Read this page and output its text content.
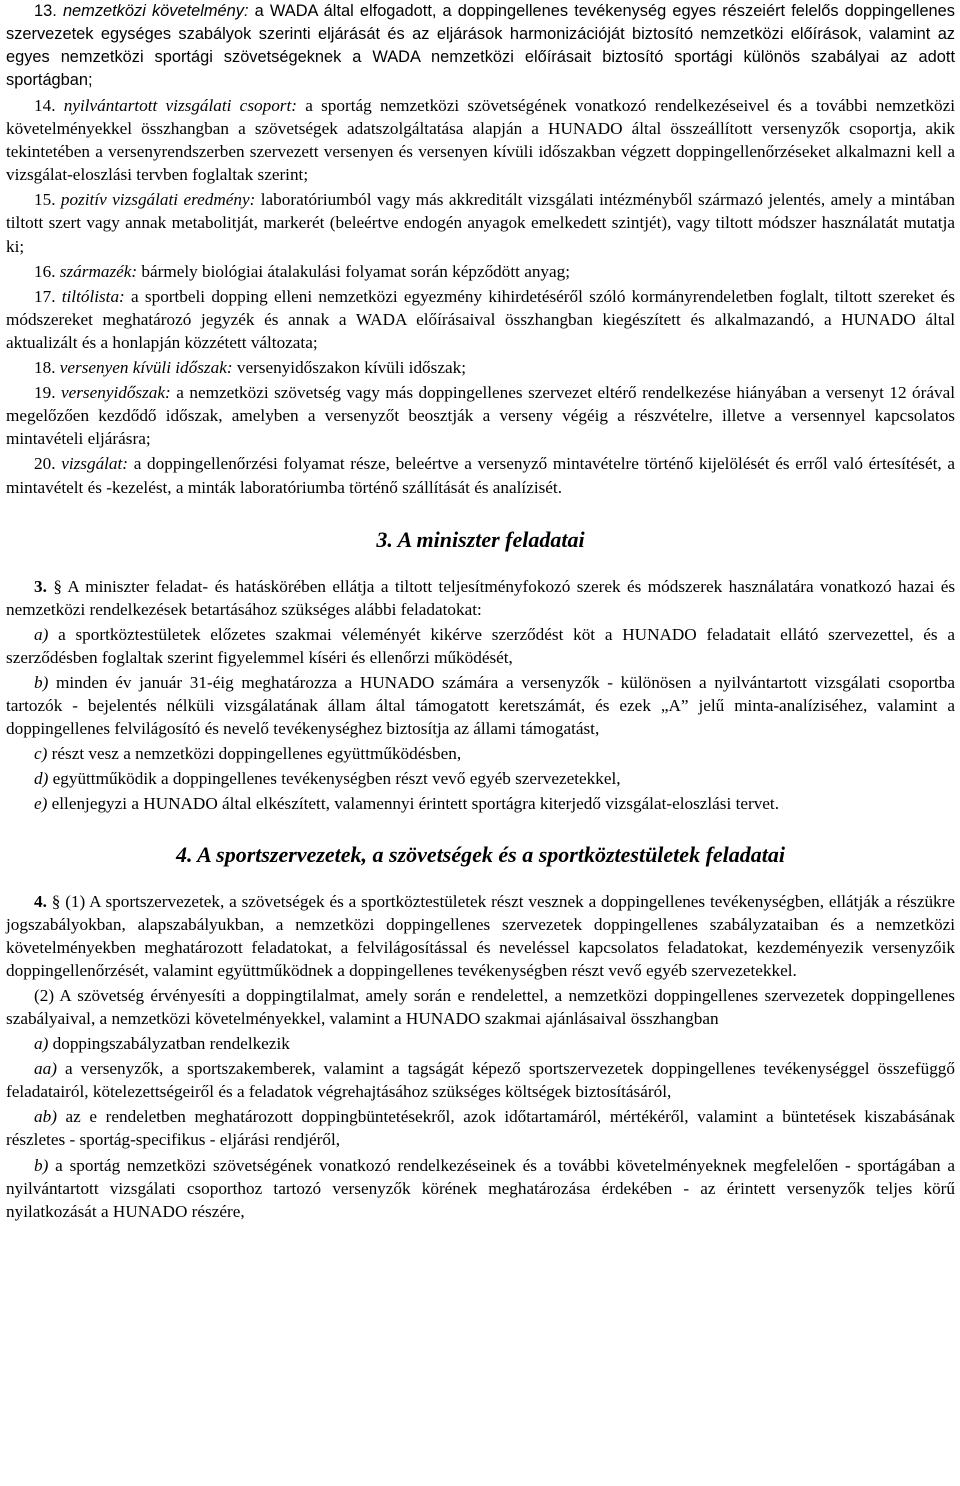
13. nemzetközi követelmény: a WADA által elfogadott, a doppingellenes tevékenység egyes részeiért felelős doppingellenes szervezetek egységes szabályok szerinti eljárását és az eljárások harmonizációját biztosító nemzetközi előírások, valamint az egyes nemzetközi sportági szövetségeknek a WADA nemzetközi előírásait biztosító sportági különös szabályai az adott sportágban;

14. nyilvántartott vizsgálati csoport: a sportág nemzetközi szövetségének vonatkozó rendelkezéseivel és a további nemzetközi követelményekkel összhangban a szövetségek adatszolgáltatása alapján a HUNADO által összeállított versenyzők csoportja, akik tekintetében a versenyrendszerben szervezett versenyen és versenyen kívüli időszakban végzett doppingellenőrzéseket alkalmazni kell a vizsgálat-eloszlási tervben foglaltak szerint;

15. pozitív vizsgálati eredmény: laboratóriumból vagy más akkreditált vizsgálati intézményből származó jelentés, amely a mintában tiltott szert vagy annak metabolitját, markerét (beleértve endogén anyagok emelkedett szintjét), vagy tiltott módszer használatát mutatja ki;

16. származék: bármely biológiai átalakulási folyamat során képződött anyag;

17. tiltólista: a sportbeli dopping elleni nemzetközi egyezmény kihirdetéséről szóló kormányrendeletben foglalt, tiltott szereket és módszereket meghatározó jegyzék és annak a WADA előírásaival összhangban kiegészített és alkalmazandó, a HUNADO által aktualizált és a honlapján közzétett változata;

18. versenyen kívüli időszak: versenyidőszakon kívüli időszak;

19. versenyidőszak: a nemzetközi szövetség vagy más doppingellenes szervezet eltérő rendelkezése hiányában a versenyt 12 órával megelőzően kezdődő időszak, amelyben a versenyzőt beosztják a verseny végéig a részvételre, illetve a versennyel kapcsolatos mintavételi eljárásra;

20. vizsgálat: a doppingellenőrzési folyamat része, beleértve a versenyző mintavételre történő kijelölését és erről való értesítését, a mintavételt és -kezelést, a minták laboratóriumba történő szállítását és analízisét.

3. A miniszter feladatai

3. § A miniszter feladat- és hatáskörében ellátja a tiltott teljesítményfokozó szerek és módszerek használatára vonatkozó hazai és nemzetközi rendelkezések betartásához szükséges alábbi feladatokat:

a) a sportköztestületek előzetes szakmai véleményét kikérve szerződést köt a HUNADO feladatait ellátó szervezettel, és a szerződésben foglaltak szerint figyelemmel kíséri és ellenőrzi működését,

b) minden év január 31-éig meghatározza a HUNADO számára a versenyzők - különösen a nyilvántartott vizsgálati csoportba tartozók - bejelentés nélküli vizsgálatának állam által támogatott keretszámát, és ezek „A” jelű minta-analíziséhez, valamint a doppingellenes felvilágosító és nevelő tevékenységhez biztosítja az állami támogatást,

c) részt vesz a nemzetközi doppingellenes együttműködésben,

d) együttműködik a doppingellenes tevékenységben részt vevő egyéb szervezetekkel,

e) ellenjegyzi a HUNADO által elkészített, valamennyi érintett sportágra kiterjedő vizsgálat-eloszlási tervet.

4. A sportszervezetek, a szövetségek és a sportköztestületek feladatai

4. § (1) A sportszervezetek, a szövetségek és a sportköztestületek részt vesznek a doppingellenes tevékenységben, ellátják a részükre jogszabályokban, alapszabályukban, a nemzetközi doppingellenes szervezetek doppingellenes szabályzataiban és a nemzetközi követelményekben meghatározott feladatokat, a felvilágosítással és neveléssel kapcsolatos feladatokat, kezdeményezik versenyzőik doppingellenőrzését, valamint együttműködnek a doppingellenes tevékenységben részt vevő egyéb szervezetekkel.

(2) A szövetség érvényesíti a doppingtilalmat, amely során e rendelettel, a nemzetközi doppingellenes szervezetek doppingellenes szabályaival, a nemzetközi követelményekkel, valamint a HUNADO szakmai ajánlásaival összhangban

a) doppingszabályzatban rendelkezik

aa) a versenyzők, a sportszakemberek, valamint a tagságát képező sportszervezetek doppingellenes tevékenységgel összefüggő feladatairól, kötelezettségeiről és a feladatok végrehajtásához szükséges költségek biztosításáról,

ab) az e rendeletben meghatározott doppingbüntetésekről, azok időtartamáról, mértékéről, valamint a büntetések kiszabásának részletes - sportág-specifikus - eljárási rendjéről,

b) a sportág nemzetközi szövetségének vonatkozó rendelkezéseinek és a további követelményeknek megfelelően - sportágában a nyilvántartott vizsgálati csoporthoz tartozó versenyzők körének meghatározása érdekében - az érintett versenyzők teljes körű nyilatkozását a HUNADO részére,
